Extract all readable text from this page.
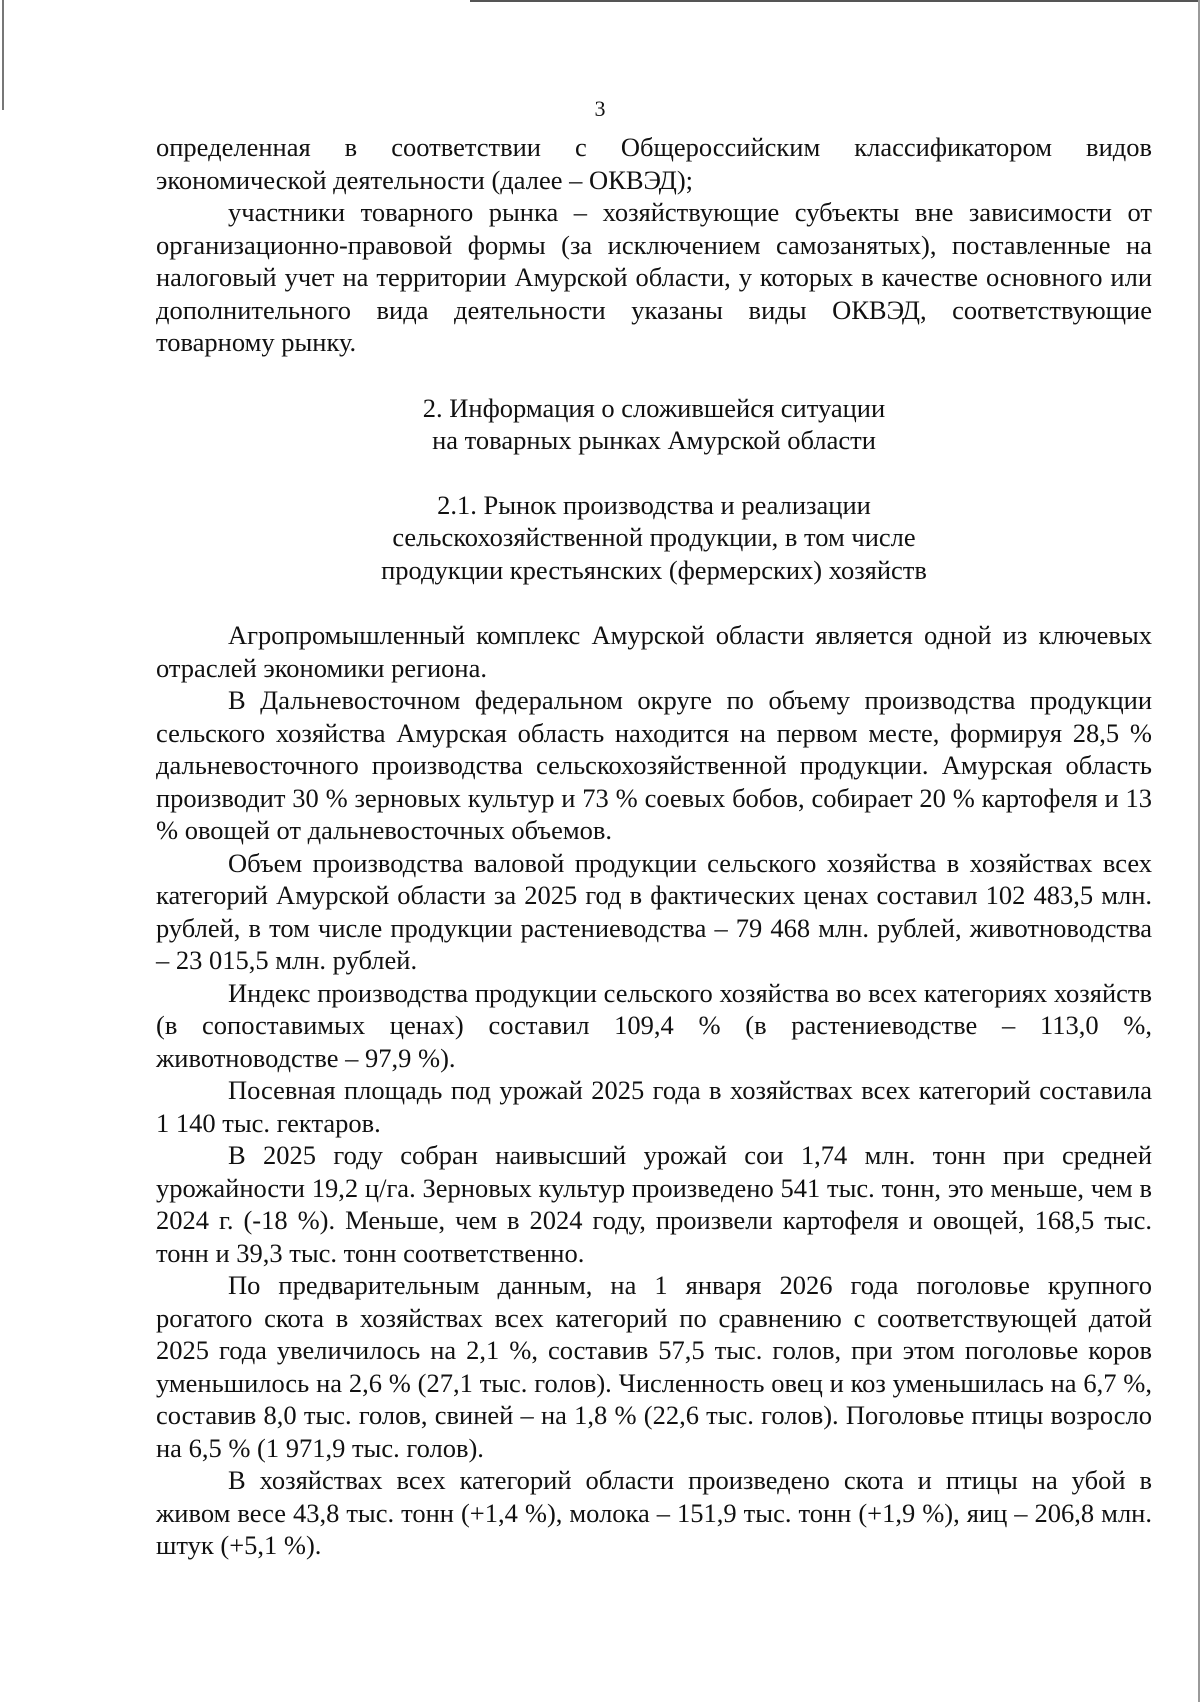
3

определенная в соответствии с Общероссийским классификатором видов экономической деятельности (далее – ОКВЭД);

участники товарного рынка – хозяйствующие субъекты вне зависимости от организационно-правовой формы (за исключением самозанятых), поставленные на налоговый учет на территории Амурской области, у которых в качестве основного или дополнительного вида деятельности указаны виды ОКВЭД, соответствующие товарному рынку.

2. Информация о сложившейся ситуации
на товарных рынках Амурской области
2.1. Рынок производства и реализации
сельскохозяйственной продукции, в том числе
продукции крестьянских (фермерских) хозяйств

Агропромышленный комплекс Амурской области является одной из ключевых отраслей экономики региона.

В Дальневосточном федеральном округе по объему производства продукции сельского хозяйства Амурская область находится на первом месте, формируя 28,5 % дальневосточного производства сельскохозяйственной продукции. Амурская область производит 30 % зерновых культур и 73 % соевых бобов, собирает 20 % картофеля и 13 % овощей от дальневосточных объемов.

Объем производства валовой продукции сельского хозяйства в хозяйствах всех категорий Амурской области за 2025 год в фактических ценах составил 102 483,5 млн. рублей, в том числе продукции растениеводства – 79 468 млн. рублей, животноводства – 23 015,5 млн. рублей.

Индекс производства продукции сельского хозяйства во всех категориях хозяйств (в сопоставимых ценах) составил 109,4 % (в растениеводстве – 113,0 %, животноводстве – 97,9 %).

Посевная площадь под урожай 2025 года в хозяйствах всех категорий составила 1 140 тыс. гектаров.

В 2025 году собран наивысший урожай сои 1,74 млн. тонн при средней урожайности 19,2 ц/га. Зерновых культур произведено 541 тыс. тонн, это меньше, чем в 2024 г. (-18 %). Меньше, чем в 2024 году, произвели картофеля и овощей, 168,5 тыс. тонн и 39,3 тыс. тонн соответственно.

По предварительным данным, на 1 января 2026 года поголовье крупного рогатого скота в хозяйствах всех категорий по сравнению с соответствующей датой 2025 года увеличилось на 2,1 %, составив 57,5 тыс. голов, при этом поголовье коров уменьшилось на 2,6 % (27,1 тыс. голов). Численность овец и коз уменьшилась на 6,7 %, составив 8,0 тыс. голов, свиней – на 1,8 % (22,6 тыс. голов). Поголовье птицы возросло на 6,5 % (1 971,9 тыс. голов).

В хозяйствах всех категорий области произведено скота и птицы на убой в живом весе 43,8 тыс. тонн (+1,4 %), молока – 151,9 тыс. тонн (+1,9 %), яиц – 206,8 млн. штук (+5,1 %).
